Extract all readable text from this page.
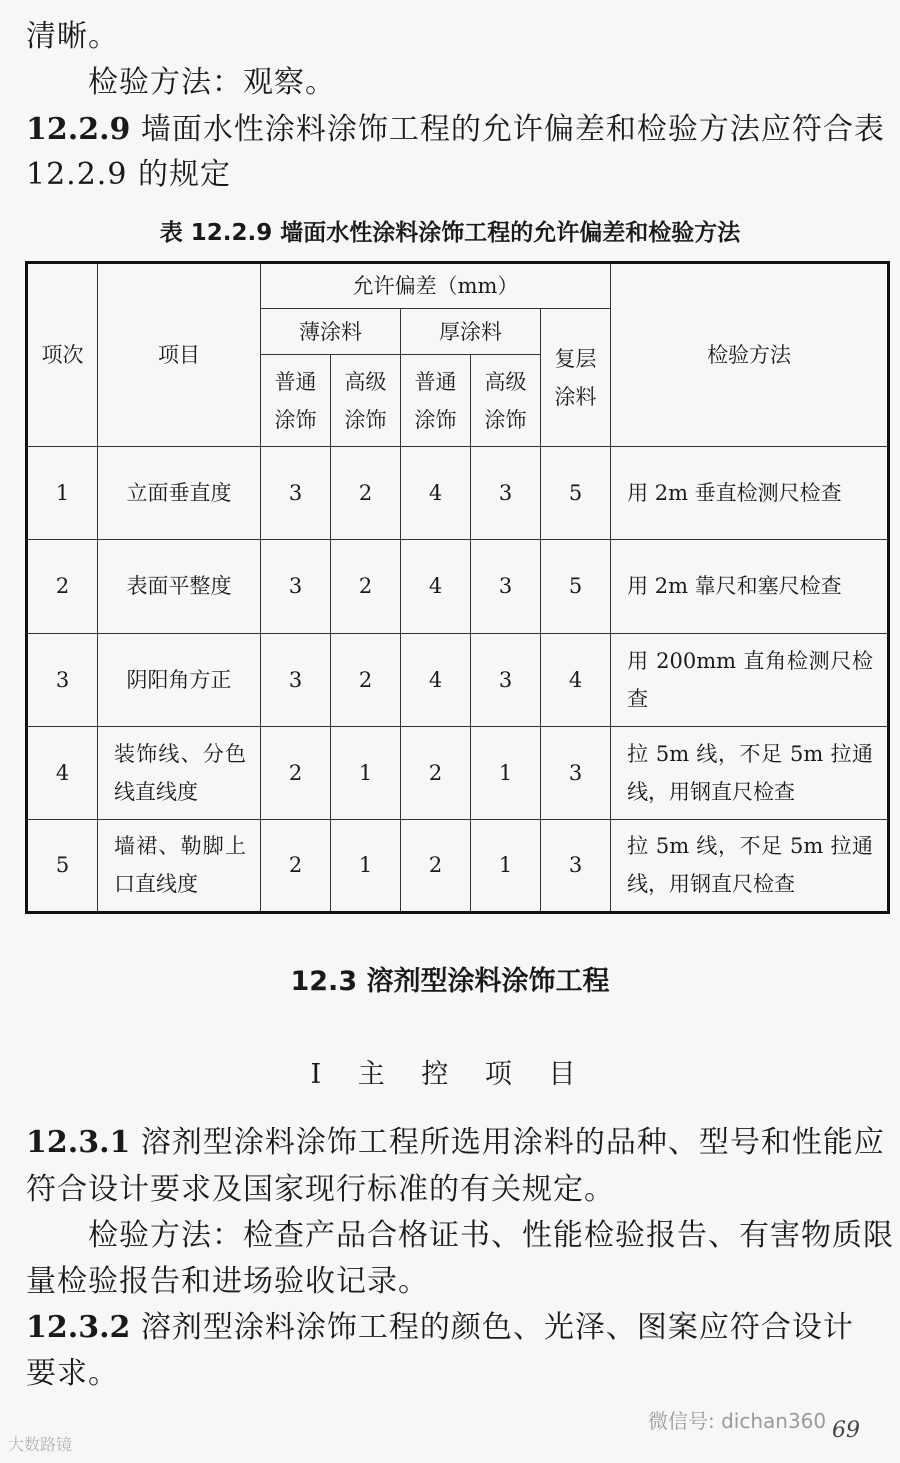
清晰。
检验方法：观察。
12.2.9 墙面水性涂料涂饰工程的允许偏差和检验方法应符合表
12.2.9 的规定
表 12.2.9 墙面水性涂料涂饰工程的允许偏差和检验方法
项次	项目	允许偏差（mm）					检验方法
		薄涂料		厚涂料		复层涂料	
		普通涂饰	高级涂饰	普通涂饰	高级涂饰		
1	立面垂直度	3	2	4	3	5	用 2m 垂直检测尺检查
2	表面平整度	3	2	4	3	5	用 2m 靠尺和塞尺检查
3	阴阳角方正	3	2	4	3	4	用 200mm 直角检测尺检查
4	装饰线、分色线直线度	2	1	2	1	3	拉 5m 线，不足 5m 拉通线，用钢直尺检查
5	墙裙、勒脚上口直线度	2	1	2	1	3	拉 5m 线，不足 5m 拉通线，用钢直尺检查
12.3 溶剂型涂料涂饰工程
Ⅰ 主 控 项 目
12.3.1 溶剂型涂料涂饰工程所选用涂料的品种、型号和性能应
符合设计要求及国家现行标准的有关规定。
检验方法：检查产品合格证书、性能检验报告、有害物质限
量检验报告和进场验收记录。
12.3.2 溶剂型涂料涂饰工程的颜色、光泽、图案应符合设计
要求。
微信号: dichan360
大数路镜
69
